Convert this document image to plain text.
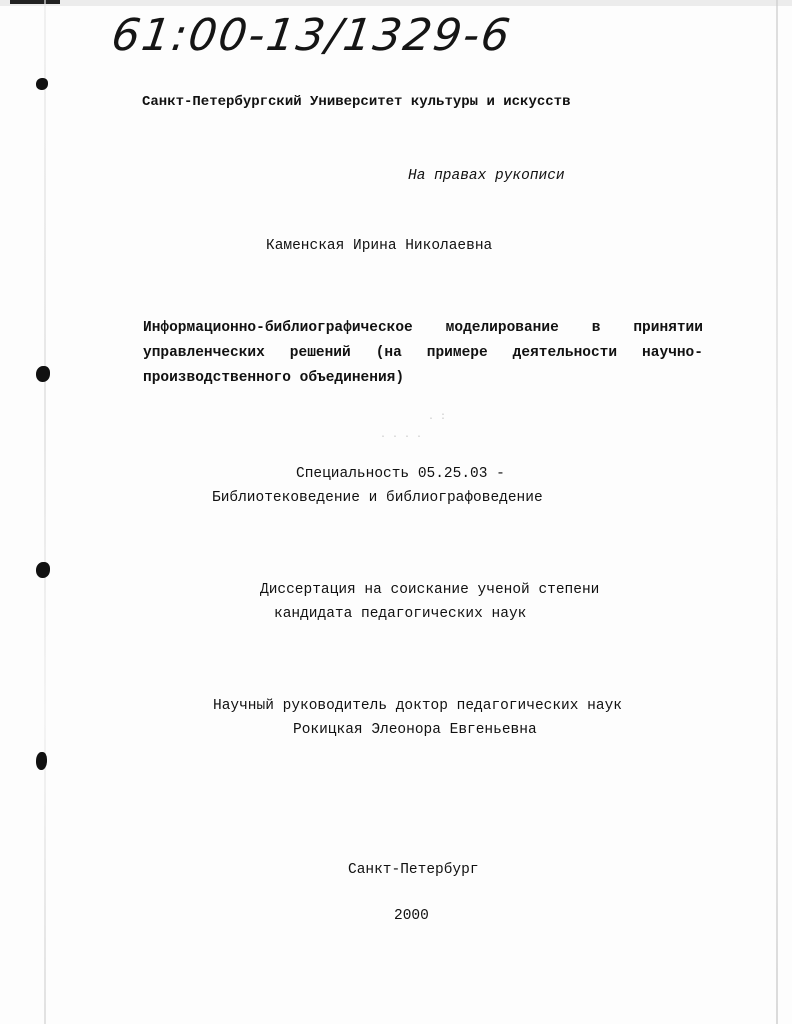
61:00-13/1329-6
Санкт-Петербургский Университет культуры и искусств
На правах рукописи
Каменская Ирина Николаевна
Информационно-библиографическое моделирование в принятии
управленческих решений (на примере деятельности научно-
производственного объединения)
. :
· · · ·
Специальность 05.25.03 -
Библиотековедение и библиографоведение
Диссертация на соискание ученой степени
кандидата педагогических наук
Научный руководитель доктор педагогических наук
Рокицкая Элеонора Евгеньевна
Санкт-Петербург
2000
